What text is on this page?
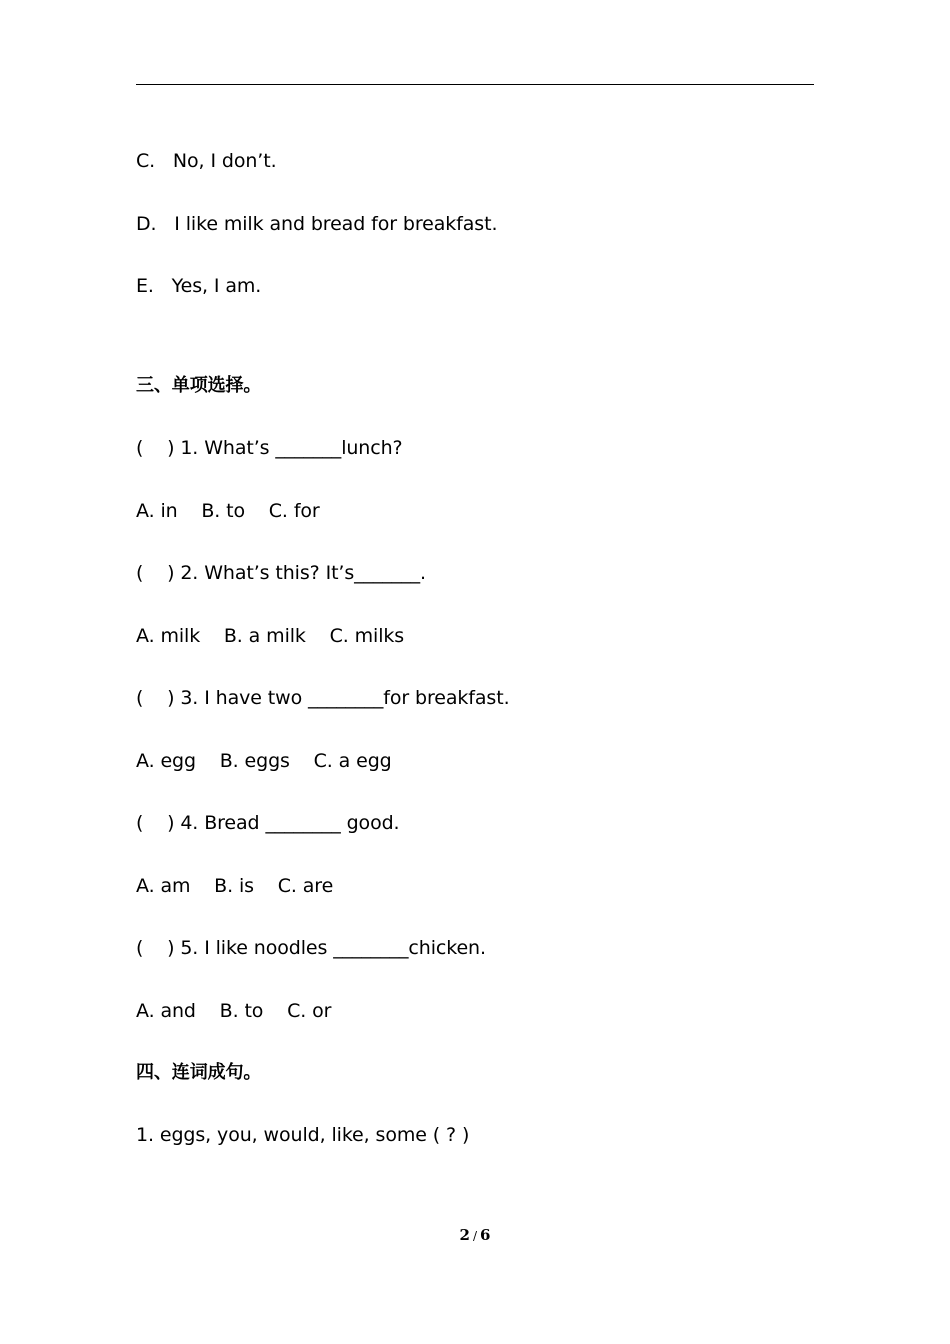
C.   No, I don’t.
D.   I like milk and bread for breakfast.
E.   Yes, I am.
三、单项选择。
(    ) 1. What’s _______lunch?
A. in    B. to    C. for
(    ) 2. What’s this? It’s_______.
A. milk    B. a milk    C. milks
(    ) 3. I have two ________for breakfast.
A. egg    B. eggs    C. a egg
(    ) 4. Bread ________ good.
A. am    B. is    C. are
(    ) 5. I like noodles ________chicken.
A. and    B. to    C. or
四、连词成句。
1. eggs, you, would, like, some ( ? )
2 / 6
